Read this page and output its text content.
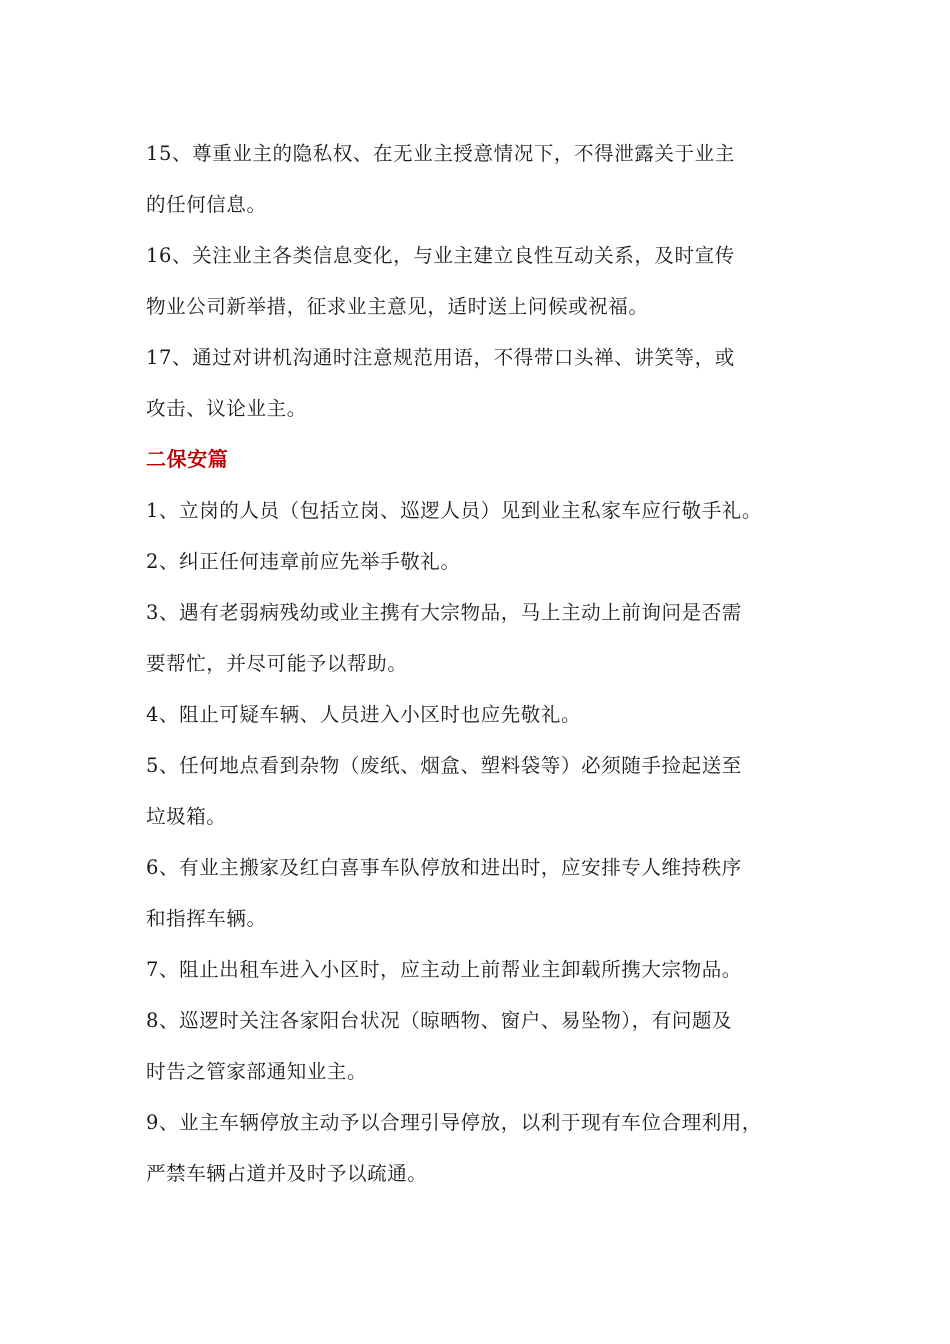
15、尊重业主的隐私权、在无业主授意情况下，不得泄露关于业主

的任何信息。

16、关注业主各类信息变化，与业主建立良性互动关系，及时宣传

物业公司新举措，征求业主意见，适时送上问候或祝福。

17、通过对讲机沟通时注意规范用语，不得带口头禅、讲笑等，或

攻击、议论业主。

二保安篇

1、立岗的人员（包括立岗、巡逻人员）见到业主私家车应行敬手礼。

2、纠正任何违章前应先举手敬礼。

3、遇有老弱病残幼或业主携有大宗物品，马上主动上前询问是否需

要帮忙，并尽可能予以帮助。

4、阻止可疑车辆、人员进入小区时也应先敬礼。

5、任何地点看到杂物（废纸、烟盒、塑料袋等）必须随手捡起送至

垃圾箱。

6、有业主搬家及红白喜事车队停放和进出时，应安排专人维持秩序

和指挥车辆。

7、阻止出租车进入小区时，应主动上前帮业主卸载所携大宗物品。

8、巡逻时关注各家阳台状况（晾晒物、窗户、易坠物），有问题及

时告之管家部通知业主。

9、业主车辆停放主动予以合理引导停放，以利于现有车位合理利用，

严禁车辆占道并及时予以疏通。
